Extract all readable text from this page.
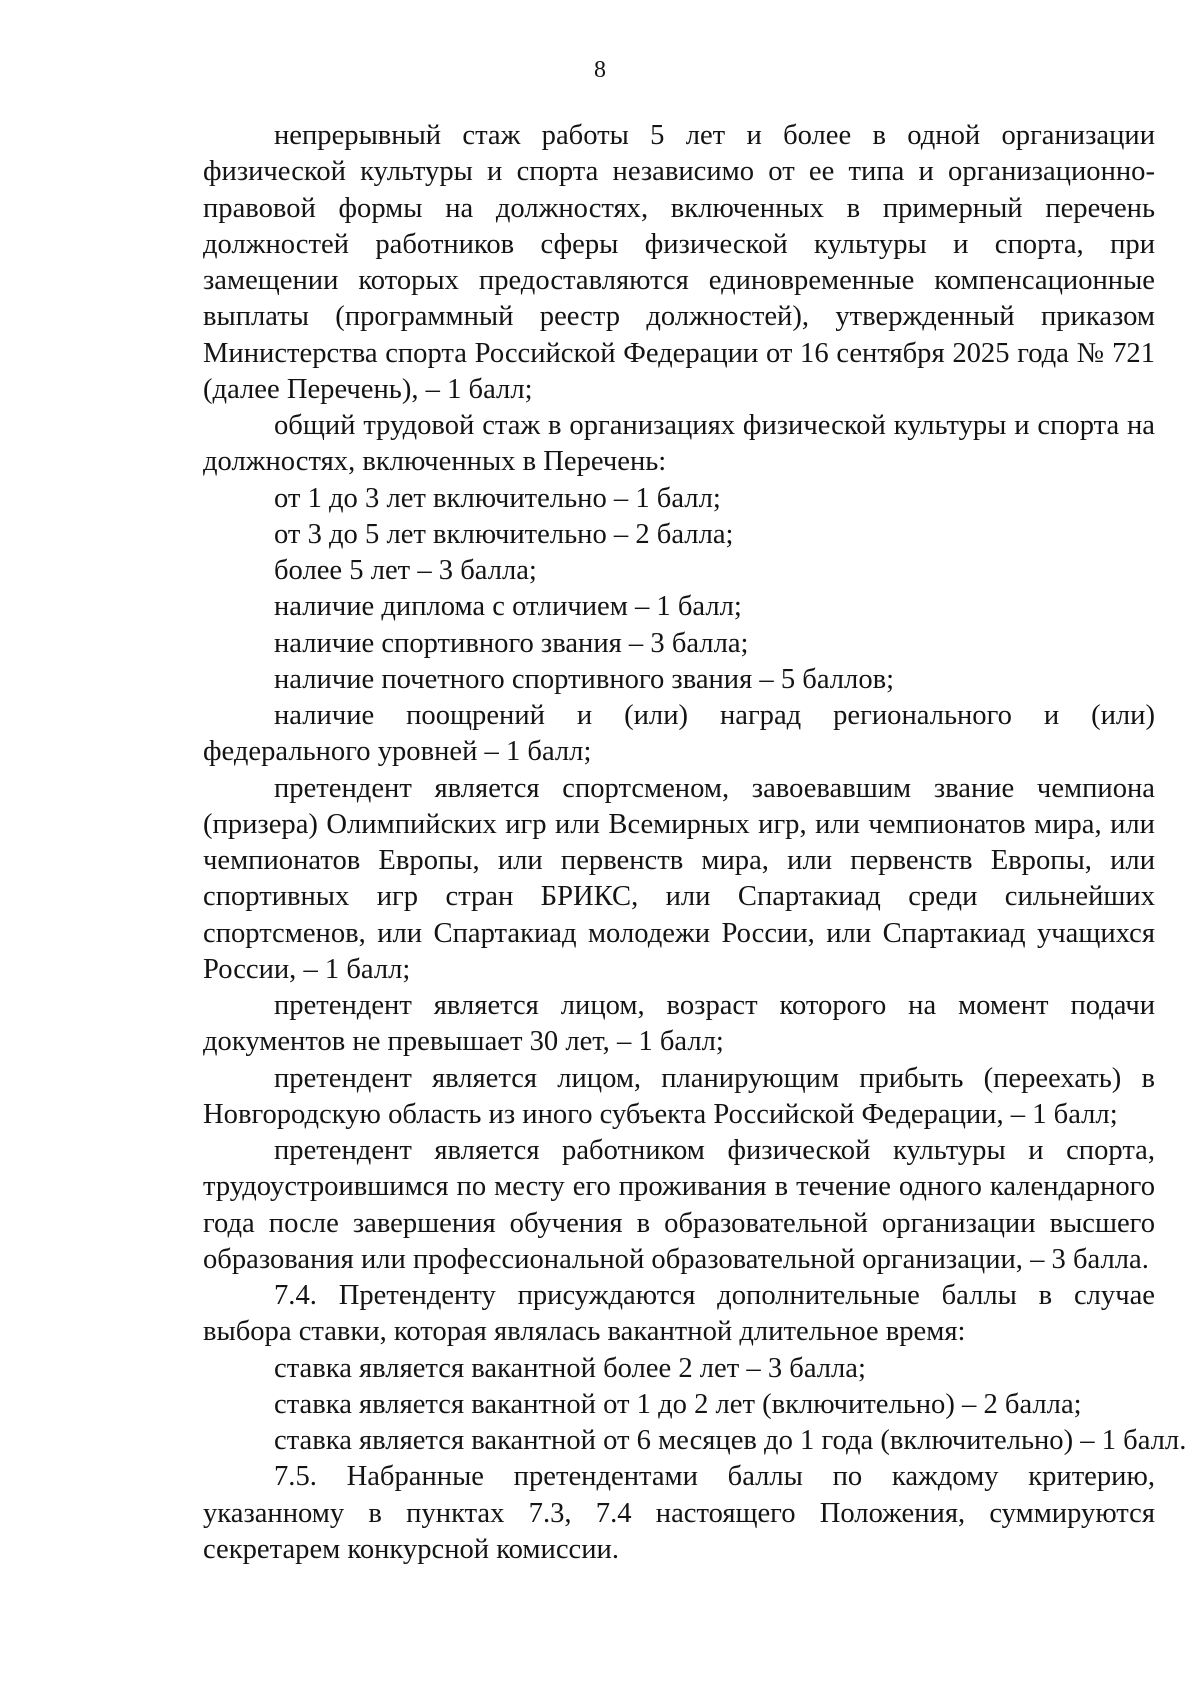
8

непрерывный стаж работы 5 лет и более в одной организации физической культуры и спорта независимо от ее типа и организационно-правовой формы на должностях, включенных в примерный перечень должностей работников сферы физической культуры и спорта, при замещении которых предоставляются единовременные компенсационные выплаты (программный реестр должностей), утвержденный приказом Министерства спорта Российской Федерации от 16 сентября 2025 года № 721 (далее Перечень), – 1 балл;

общий трудовой стаж в организациях физической культуры и спорта на должностях, включенных в Перечень:

от 1 до 3 лет включительно – 1 балл;

от 3 до 5 лет включительно – 2 балла;

более 5 лет – 3 балла;

наличие диплома с отличием – 1 балл;

наличие спортивного звания – 3 балла;

наличие почетного спортивного звания – 5 баллов;

наличие поощрений и (или) наград регионального и (или) федерального уровней – 1 балл;

претендент является спортсменом, завоевавшим звание чемпиона (призера) Олимпийских игр или Всемирных игр, или чемпионатов мира, или чемпионатов Европы, или первенств мира, или первенств Европы, или спортивных игр стран БРИКС, или Спартакиад среди сильнейших спортсменов, или Спартакиад молодежи России, или Спартакиад учащихся России, – 1 балл;

претендент является лицом, возраст которого на момент подачи документов не превышает 30 лет, – 1 балл;

претендент является лицом, планирующим прибыть (переехать) в Новгородскую область из иного субъекта Российской Федерации, – 1 балл;

претендент является работником физической культуры и спорта, трудоустроившимся по месту его проживания в течение одного календарного года после завершения обучения в образовательной организации высшего образования или профессиональной образовательной организации, – 3 балла.

7.4. Претенденту присуждаются дополнительные баллы в случае выбора ставки, которая являлась вакантной длительное время:

ставка является вакантной более 2 лет – 3 балла;

ставка является вакантной от 1 до 2 лет (включительно) – 2 балла;

ставка является вакантной от 6 месяцев до 1 года (включительно) – 1 балл.

7.5. Набранные претендентами баллы по каждому критерию, указанному в пунктах 7.3, 7.4 настоящего Положения, суммируются секретарем конкурсной комиссии.
